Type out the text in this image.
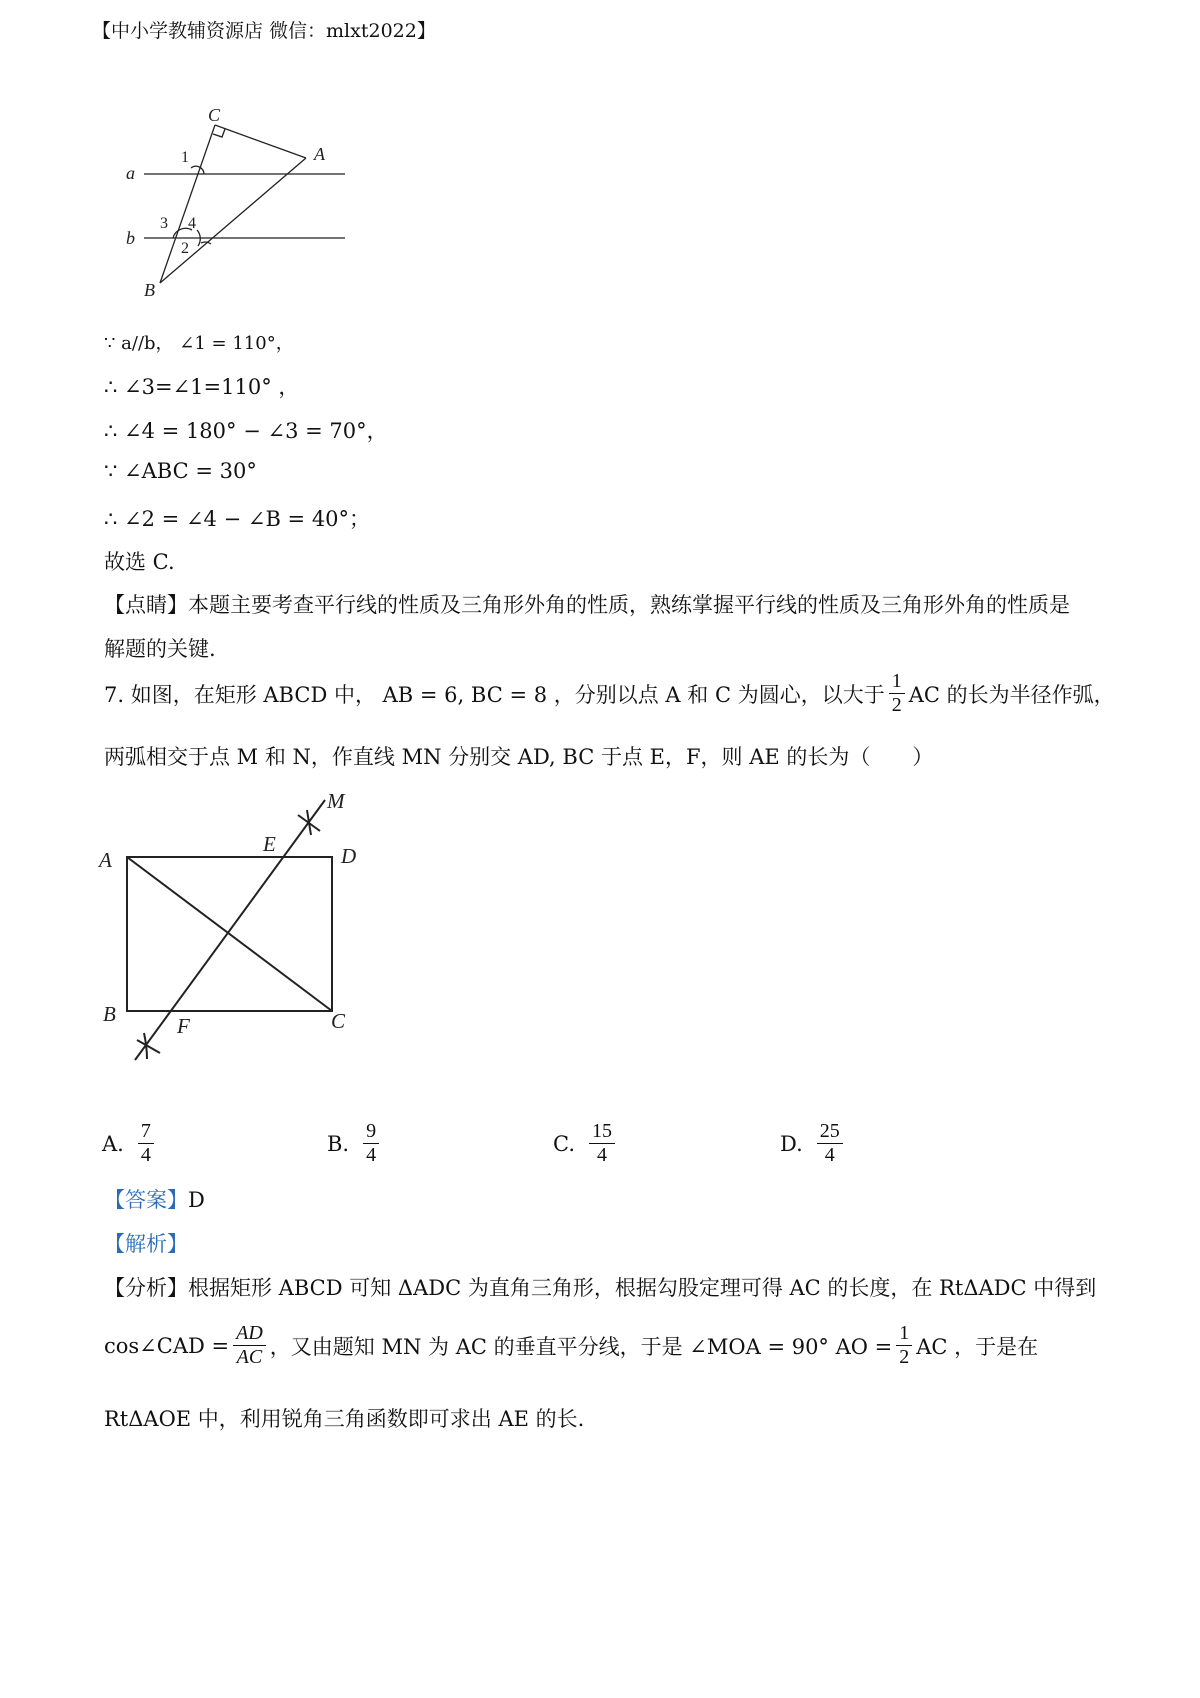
【中小学教辅资源店 微信：mlxt2022】
C
A
a
b
B
1
3 4
2
∵ a//b， ∠1 = 110°，
∴ ∠3=∠1=110° ，
∴ ∠4 = 180° − ∠3 = 70°，
∵ ∠ABC = 30°
∴ ∠2 = ∠4 − ∠B = 40°；
故选 C.
【点睛】本题主要考查平行线的性质及三角形外角的性质，熟练掌握平行线的性质及三角形外角的性质是
解题的关键.
7. 如图，在矩形 ABCD 中， AB = 6, BC = 8 ，分别以点 A 和 C 为圆心，以大于 $\frac{1}{2}$ AC 的长为半径作弧，
两弧相交于点 M 和 N，作直线 MN 分别交 AD, BC 于点 E，F，则 AE 的长为（　　）
M
A
E	D
B	F	C
A. $\frac{7}{4}$	B. $\frac{9}{4}$	C. $\frac{15}{4}$	D. $\frac{25}{4}$
【答案】D
【解析】
【分析】根据矩形 ABCD 可知 ΔADC 为直角三角形，根据勾股定理可得 AC 的长度，在 RtΔADC 中得到
cos∠CAD = $\frac{AD}{AC}$ ，又由题知 MN 为 AC 的垂直平分线，于是 ∠MOA = 90° AO = $\frac{1}{2}$ AC ，于是在
RtΔAOE 中，利用锐角三角函数即可求出 AE 的长.
